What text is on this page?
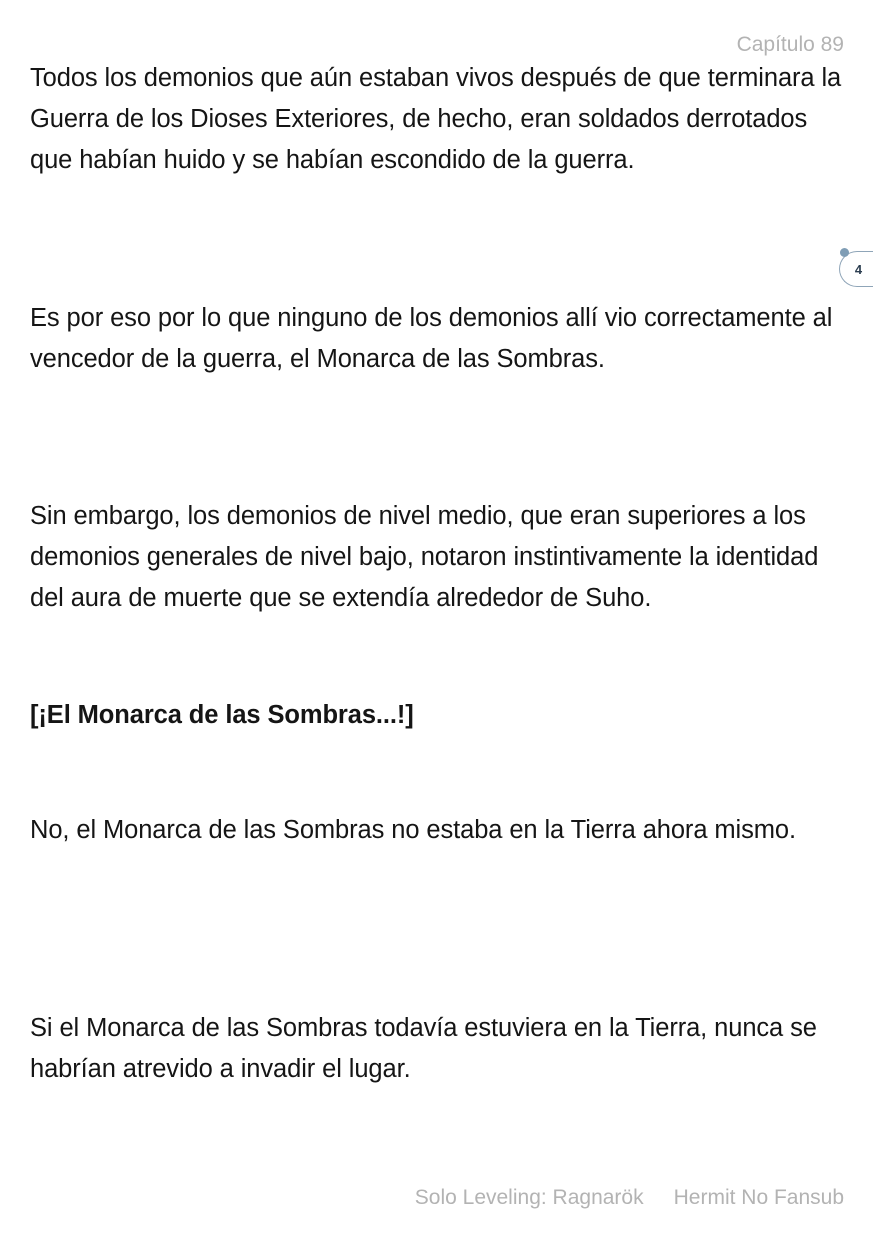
Capítulo 89

Todos los demonios que aún estaban vivos después de que terminara la Guerra de los Dioses Exteriores, de hecho, eran soldados derrotados que habían huido y se habían escondido de la guerra.

Es por eso por lo que ninguno de los demonios allí vio correctamente al vencedor de la guerra, el Monarca de las Sombras.

Sin embargo, los demonios de nivel medio, que eran superiores a los demonios generales de nivel bajo, notaron instintivamente la identidad del aura de muerte que se extendía alrededor de Suho.

[¡El Monarca de las Sombras...!]

No, el Monarca de las Sombras no estaba en la Tierra ahora mismo.

Si el Monarca de las Sombras todavía estuviera en la Tierra, nunca se habrían atrevido a invadir el lugar.

4
Solo Leveling: Ragnarök Hermit No Fansub
